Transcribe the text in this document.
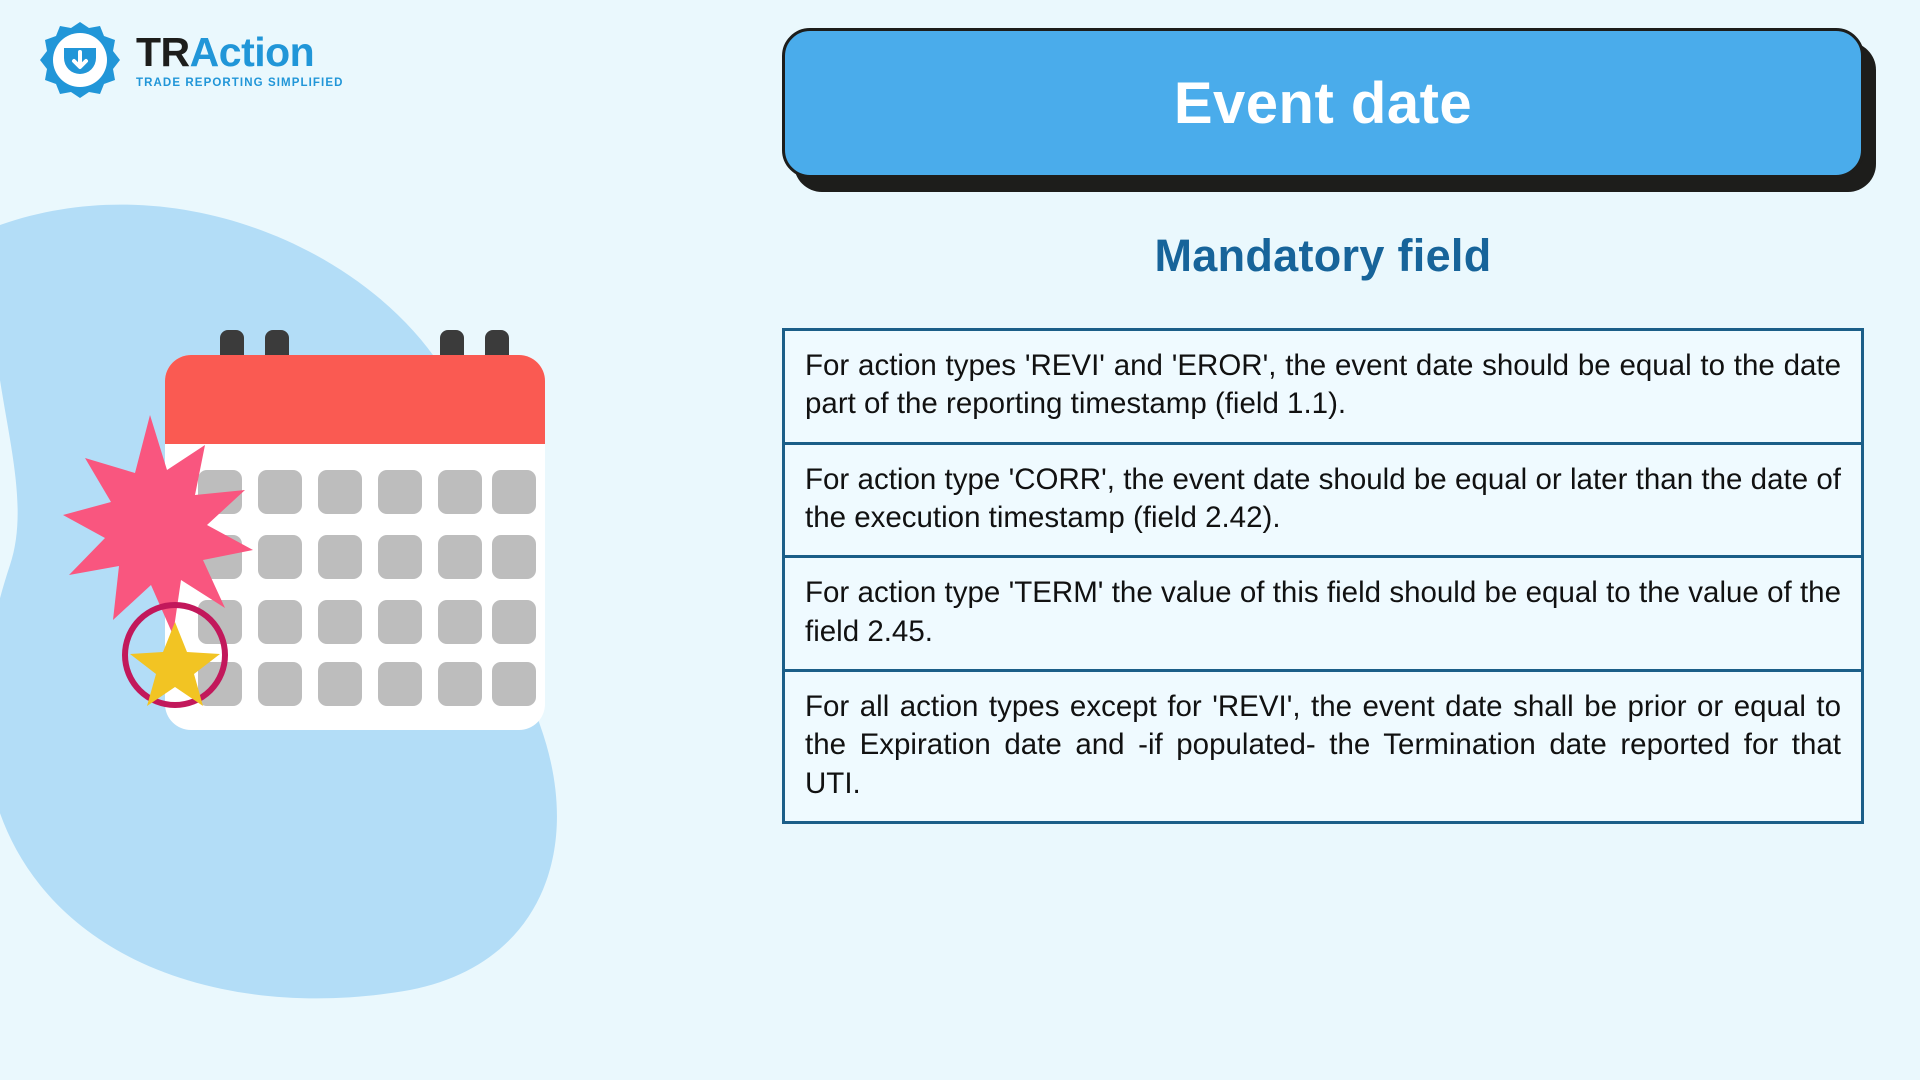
TRAction
TRADE REPORTING SIMPLIFIED	Event date
Mandatory field
For action types 'REVI' and 'EROR', the event date should be equal to the date part of the reporting timestamp (field 1.1).
For action type 'CORR', the event date should be equal or later than the date of the execution timestamp (field 2.42).
For action type 'TERM' the value of this field should be equal to the value of the field 2.45.
For all action types except for 'REVI', the event date shall be prior or equal to the Expiration date and -if populated- the Termination date reported for that UTI.
